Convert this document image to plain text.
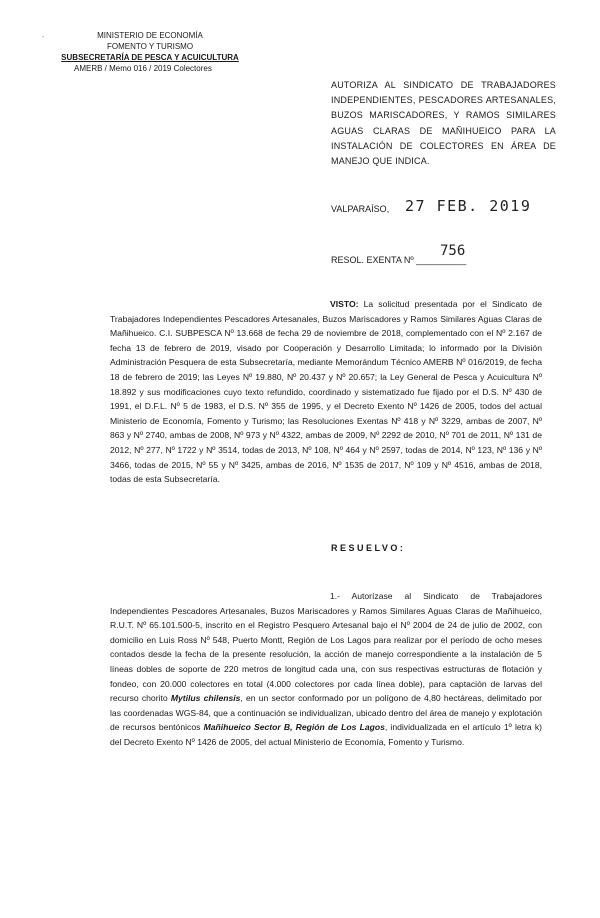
-	MINISTERIO DE ECONOMÍA
FOMENTO Y TURISMO
SUBSECRETARÍA DE PESCA Y ACUICULTURA
AMERB / Memo 016 / 2019 Colectores
AUTORIZA AL SINDICATO DE TRABAJADORES INDEPENDIENTES, PESCADORES ARTESANALES, BUZOS MARISCADORES, Y RAMOS SIMILARES AGUAS CLARAS DE MAÑIHUEICO PARA LA INSTALACIÓN DE COLECTORES EN ÁREA DE MANEJO QUE INDICA.
VALPARAÍSO, 27 FEB. 2019
RESOL. EXENTA Nº __________
756
VISTO: La solicitud presentada por el Sindicato de Trabajadores Independientes Pescadores Artesanales, Buzos Mariscadores y Ramos Similares Aguas Claras de Mañihueico. C.I. SUBPESCA Nº 13.668 de fecha 29 de noviembre de 2018, complementado con el Nº 2.167 de fecha 13 de febrero de 2019, visado por Cooperación y Desarrollo Limitada; lo informado por la División Administración Pesquera de esta Subsecretaría, mediante Memorándum Técnico AMERB Nº 016/2019, de fecha 18 de febrero de 2019; las Leyes Nº 19.880, Nº 20.437 y Nº 20.657; la Ley General de Pesca y Acuicultura Nº 18.892 y sus modificaciones cuyo texto refundido, coordinado y sistematizado fue fijado por el D.S. Nº 430 de 1991, el D.F.L. Nº 5 de 1983, el D.S. Nº 355 de 1995, y el Decreto Exento Nº 1426 de 2005, todos del actual Ministerio de Economía, Fomento y Turismo; las Resoluciones Exentas Nº 418 y Nº 3229, ambas de 2007, Nº 863 y Nº 2740, ambas de 2008, Nº 973 y Nº 4322, ambas de 2009, Nº 2292 de 2010, Nº 701 de 2011, Nº 131 de 2012, Nº 277, Nº 1722 y Nº 3514, todas de 2013, Nº 108, Nº 464 y Nº 2597, todas de 2014, Nº 123, Nº 136 y Nº 3466, todas de 2015, Nº 55 y Nº 3425, ambas de 2016, Nº 1535 de 2017, Nº 109 y Nº 4516, ambas de 2018, todas de esta Subsecretaría.
RESUELVO:
1.- Autorízase al Sindicato de Trabajadores Independientes Pescadores Artesanales, Buzos Mariscadores y Ramos Similares Aguas Claras de Mañihueico, R.U.T. Nº 65.101.500-5, inscrito en el Registro Pesquero Artesanal bajo el Nº 2004 de 24 de julio de 2002, con domicilio en Luis Ross Nº 548, Puerto Montt, Región de Los Lagos para realizar por el período de ocho meses contados desde la fecha de la presente resolución, la acción de manejo correspondiente a la instalación de 5 líneas dobles de soporte de 220 metros de longitud cada una, con sus respectivas estructuras de flotación y fondeo, con 20.000 colectores en total (4.000 colectores por cada línea doble), para captación de larvas del recurso chorito Mytilus chilensis, en un sector conformado por un polígono de 4,80 hectáreas, delimitado por las coordenadas WGS-84, que a continuación se individualizan, ubicado dentro del área de manejo y explotación de recursos bentónicos Mañihueico Sector B, Región de Los Lagos, individualizada en el artículo 1º letra k) del Decreto Exento Nº 1426 de 2005, del actual Ministerio de Economía, Fomento y Turismo.
